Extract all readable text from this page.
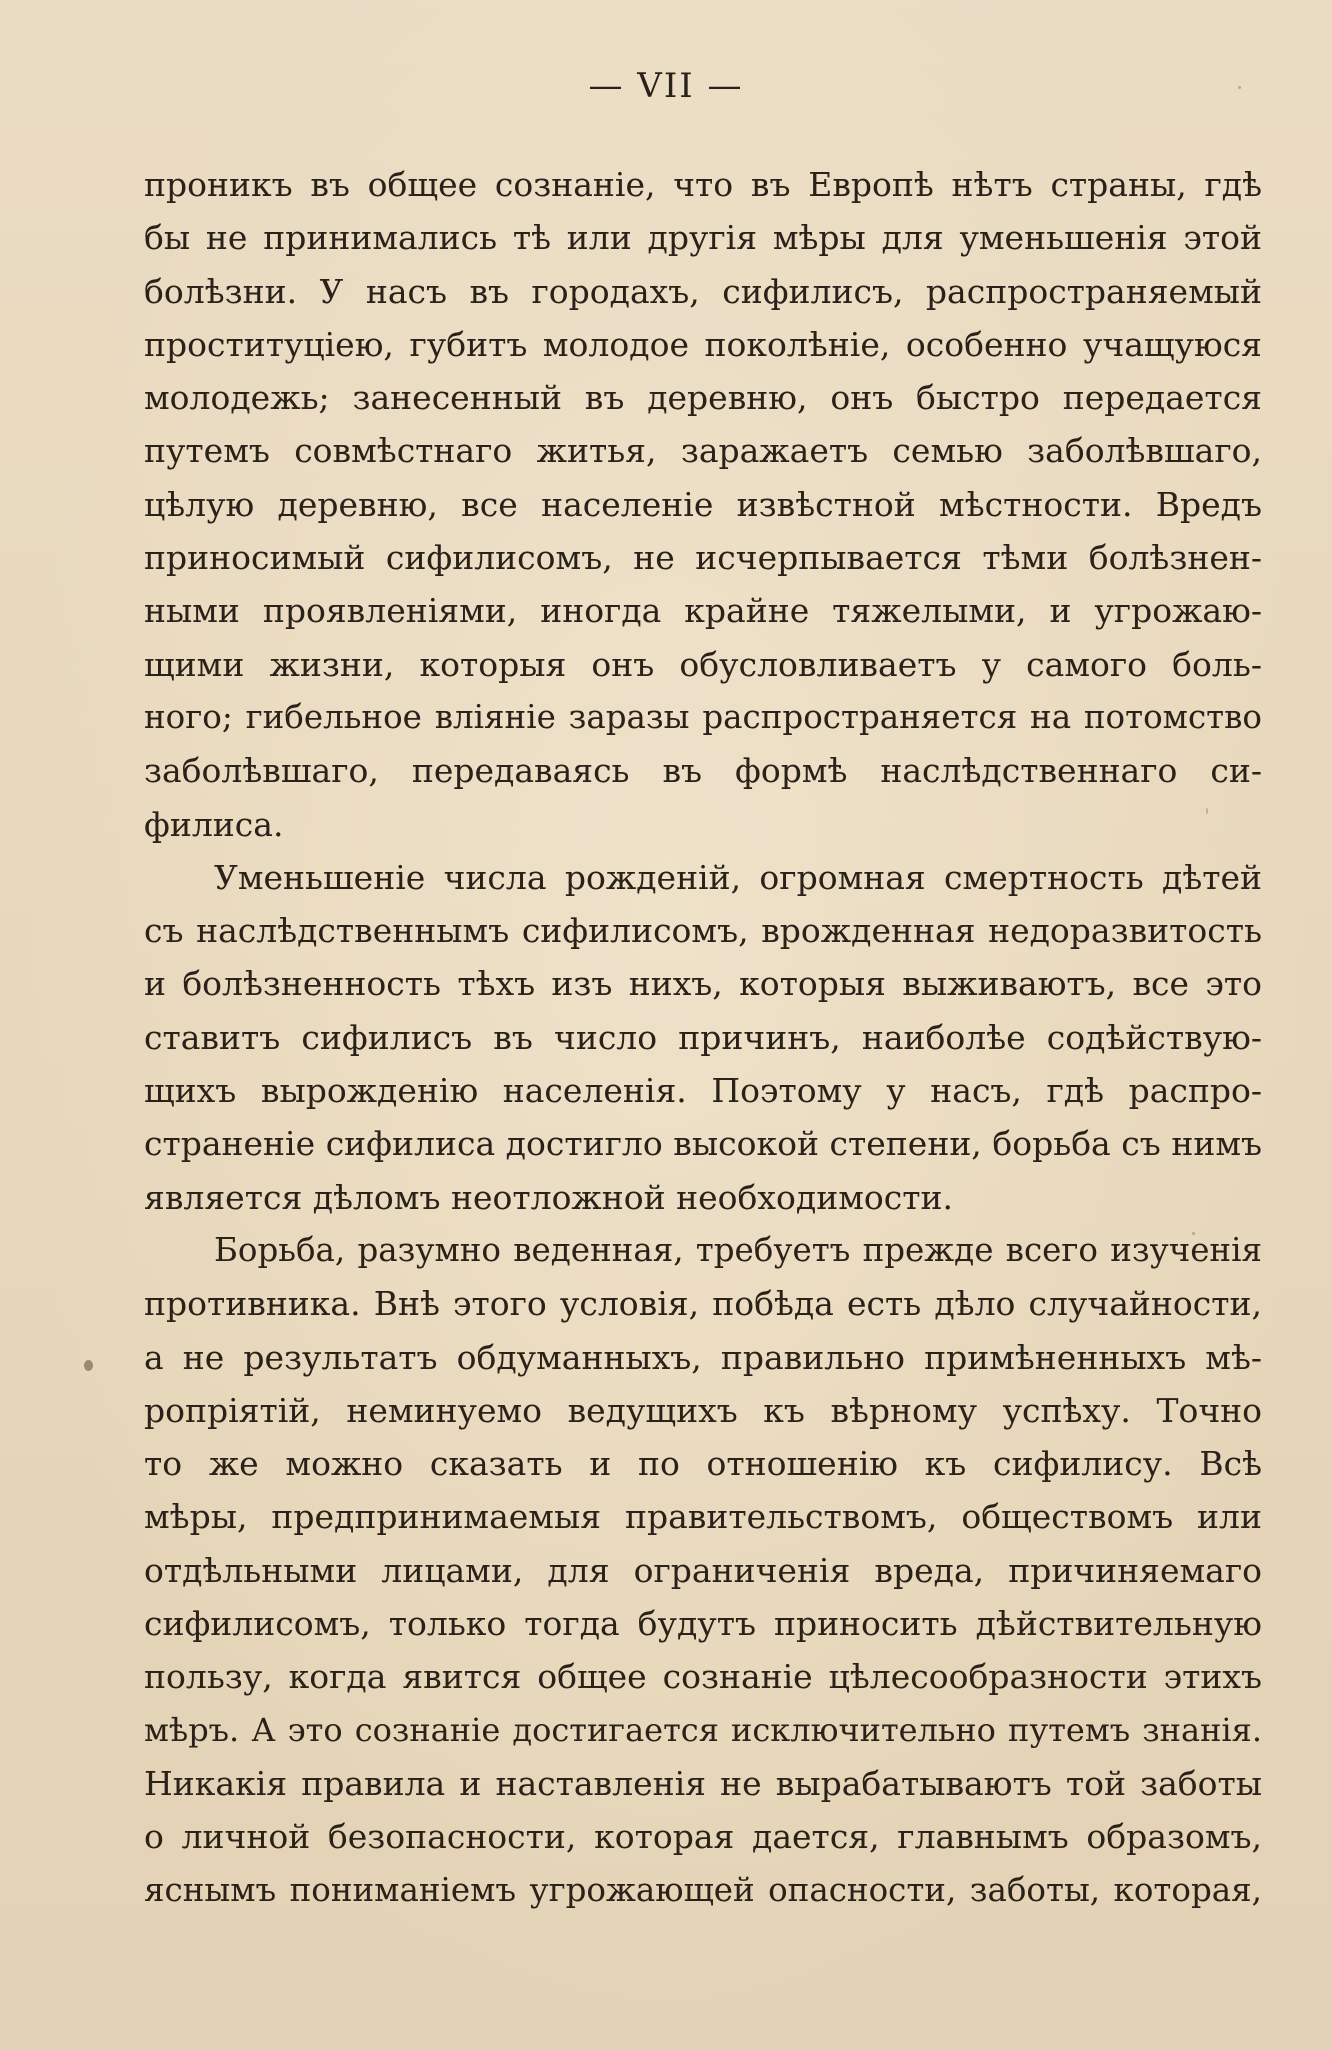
— VII —
проникъ въ общее сознаніе, что въ Европѣ нѣтъ страны, гдѣ
бы не принимались тѣ или другія мѣры для уменьшенія этой
болѣзни. У насъ въ городахъ, сифилисъ, распространяемый
проституціею, губитъ молодое поколѣніе, особенно учащуюся
молодежь; занесенный въ деревню, онъ быстро передается
путемъ совмѣстнаго житья, заражаетъ семью заболѣвшаго,
цѣлую деревню, все населеніе извѣстной мѣстности. Вредъ
приносимый сифилисомъ, не исчерпывается тѣми болѣзнен-
ными проявленіями, иногда крайне тяжелыми, и угрожаю-
щими жизни, которыя онъ обусловливаетъ у самого боль-
ного; гибельное вліяніе заразы распространяется на потомство
заболѣвшаго, передаваясь въ формѣ наслѣдственнаго си-
филиса.
Уменьшеніе числа рожденій, огромная смертность дѣтей
съ наслѣдственнымъ сифилисомъ, врожденная недоразвитость
и болѣзненность тѣхъ изъ нихъ, которыя выживаютъ, все это
ставитъ сифилисъ въ число причинъ, наиболѣе содѣйствую-
щихъ вырожденію населенія. Поэтому у насъ, гдѣ распро-
страненіе сифилиса достигло высокой степени, борьба съ нимъ
является дѣломъ неотложной необходимости.
Борьба, разумно веденная, требуетъ прежде всего изученія
противника. Внѣ этого условія, побѣда есть дѣло случайности,
а не результатъ обдуманныхъ, правильно примѣненныхъ мѣ-
ропріятій, неминуемо ведущихъ къ вѣрному успѣху. Точно
то же можно сказать и по отношенію къ сифилису. Всѣ
мѣры, предпринимаемыя правительствомъ, обществомъ или
отдѣльными лицами, для ограниченія вреда, причиняемаго
сифилисомъ, только тогда будутъ приносить дѣйствительную
пользу, когда явится общее сознаніе цѣлесообразности этихъ
мѣръ. А это сознаніе достигается исключительно путемъ знанія.
Никакія правила и наставленія не вырабатываютъ той заботы
о личной безопасности, которая дается, главнымъ образомъ,
яснымъ пониманіемъ угрожающей опасности, заботы, которая,
